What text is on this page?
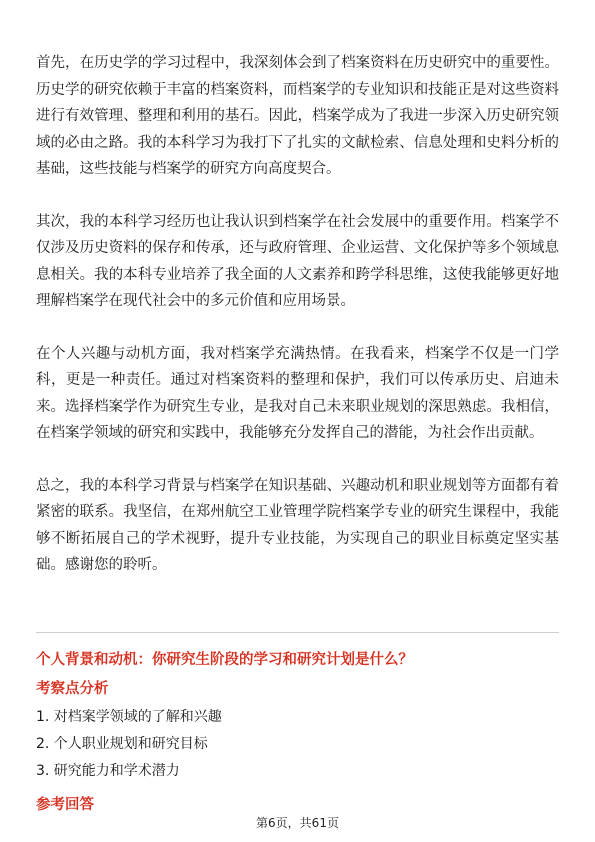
首先，在历史学的学习过程中，我深刻体会到了档案资料在历史研究中的重要性。历史学的研究依赖于丰富的档案资料，而档案学的专业知识和技能正是对这些资料进行有效管理、整理和利用的基石。因此，档案学成为了我进一步深入历史研究领域的必由之路。我的本科学习为我打下了扎实的文献检索、信息处理和史料分析的基础，这些技能与档案学的研究方向高度契合。

其次，我的本科学习经历也让我认识到档案学在社会发展中的重要作用。档案学不仅涉及历史资料的保存和传承，还与政府管理、企业运营、文化保护等多个领域息息相关。我的本科专业培养了我全面的人文素养和跨学科思维，这使我能够更好地理解档案学在现代社会中的多元价值和应用场景。

在个人兴趣与动机方面，我对档案学充满热情。在我看来，档案学不仅是一门学科，更是一种责任。通过对档案资料的整理和保护，我们可以传承历史、启迪未来。选择档案学作为研究生专业，是我对自己未来职业规划的深思熟虑。我相信，在档案学领域的研究和实践中，我能够充分发挥自己的潜能，为社会作出贡献。

总之，我的本科学习背景与档案学在知识基础、兴趣动机和职业规划等方面都有着紧密的联系。我坚信，在郑州航空工业管理学院档案学专业的研究生课程中，我能够不断拓展自己的学术视野，提升专业技能，为实现自己的职业目标奠定坚实基础。感谢您的聆听。

个人背景和动机：你研究生阶段的学习和研究计划是什么？

考察点分析

1. 对档案学领域的了解和兴趣
2. 个人职业规划和研究目标
3. 研究能力和学术潜力

参考回答

第6页，共61页
